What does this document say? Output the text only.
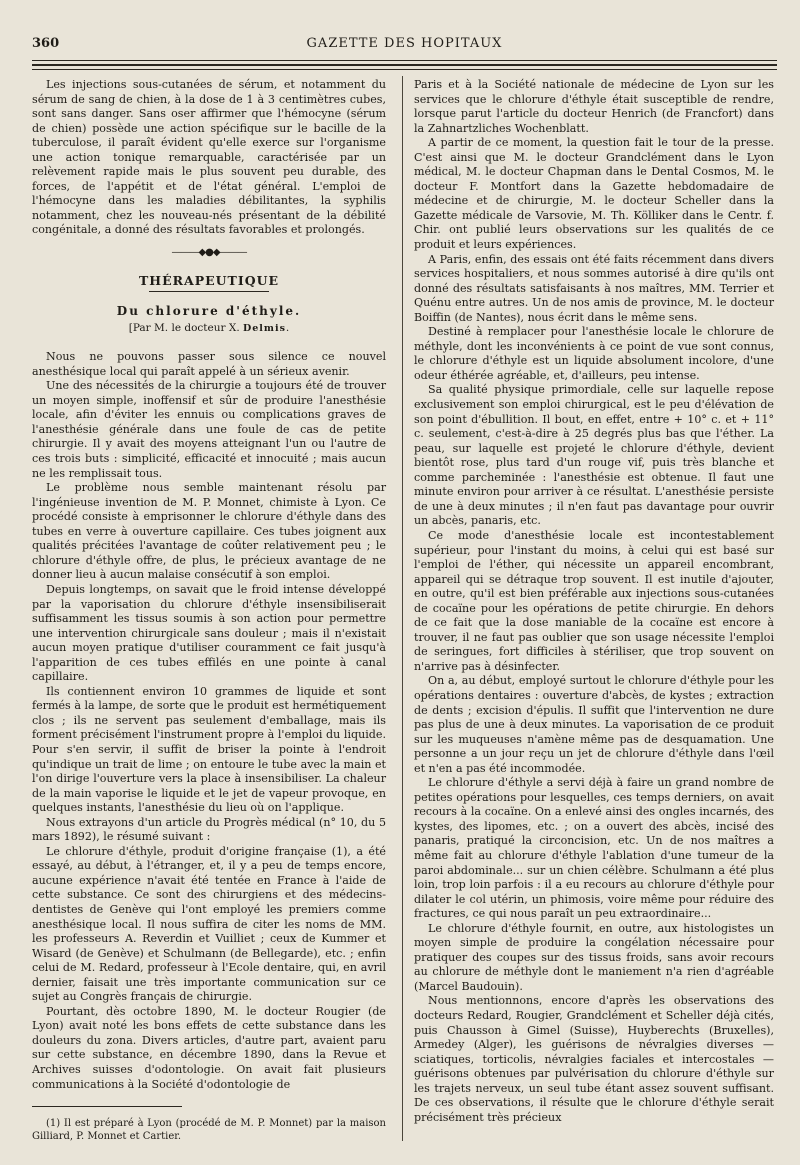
360	GAZETTE DES HOPITAUX

Les injections sous-cutanées de sérum, et notamment du sérum de sang de chien, à la dose de 1 à 3 centimètres cubes, sont sans danger. Sans oser affirmer que l'hémocyne (sérum de chien) possède une action spécifique sur le bacille de la tuberculose, il paraît évident qu'elle exerce sur l'organisme une action tonique remarquable, caractérisée par un relèvement rapide mais le plus souvent peu durable, des forces, de l'appétit et de l'état général. L'emploi de l'hémocyne dans les maladies débilitantes, la syphilis notamment, chez les nouveau-nés présentant de la débilité congénitale, a donné des résultats favorables et prolongés.

———◆●◆———
THÉRAPEUTIQUE
Du chlorure d'éthyle.
[Par M. le docteur X. Delmis.

Nous ne pouvons passer sous silence ce nouvel anesthésique local qui paraît appelé à un sérieux avenir.

Une des nécessités de la chirurgie a toujours été de trouver un moyen simple, inoffensif et sûr de produire l'anesthésie locale, afin d'éviter les ennuis ou complications graves de l'anesthésie générale dans une foule de cas de petite chirurgie. Il y avait des moyens atteignant l'un ou l'autre de ces trois buts : simplicité, efficacité et innocuité ; mais aucun ne les remplissait tous.

Le problème nous semble maintenant résolu par l'ingénieuse invention de M. P. Monnet, chimiste à Lyon. Ce procédé consiste à emprisonner le chlorure d'éthyle dans des tubes en verre à ouverture capillaire. Ces tubes joignent aux qualités précitées l'avantage de coûter relativement peu ; le chlorure d'éthyle offre, de plus, le précieux avantage de ne donner lieu à aucun malaise consécutif à son emploi.

Depuis longtemps, on savait que le froid intense développé par la vaporisation du chlorure d'éthyle insensibiliserait suffisamment les tissus soumis à son action pour permettre une intervention chirurgicale sans douleur ; mais il n'existait aucun moyen pratique d'utiliser couramment ce fait jusqu'à l'apparition de ces tubes effilés en une pointe à canal capillaire.

Ils contiennent environ 10 grammes de liquide et sont fermés à la lampe, de sorte que le produit est hermétiquement clos ; ils ne servent pas seulement d'emballage, mais ils forment précisément l'instrument propre à l'emploi du liquide. Pour s'en servir, il suffit de briser la pointe à l'endroit qu'indique un trait de lime ; on entoure le tube avec la main et l'on dirige l'ouverture vers la place à insensibiliser. La chaleur de la main vaporise le liquide et le jet de vapeur provoque, en quelques instants, l'anesthésie du lieu où on l'applique.

Nous extrayons d'un article du Progrès médical (n° 10, du 5 mars 1892), le résumé suivant :

Le chlorure d'éthyle, produit d'origine française (1), a été essayé, au début, à l'étranger, et, il y a peu de temps encore, aucune expérience n'avait été tentée en France à l'aide de cette substance. Ce sont des chirurgiens et des médecins-dentistes de Genève qui l'ont employé les premiers comme anesthésique local. Il nous suffira de citer les noms de MM. les professeurs A. Reverdin et Vuilliet ; ceux de Kummer et Wisard (de Genève) et Schulmann (de Bellegarde), etc. ; enfin celui de M. Redard, professeur à l'Ecole dentaire, qui, en avril dernier, faisait une très importante communication sur ce sujet au Congrès français de chirurgie.

Pourtant, dès octobre 1890, M. le docteur Rougier (de Lyon) avait noté les bons effets de cette substance dans les douleurs du zona. Divers articles, d'autre part, avaient paru sur cette substance, en décembre 1890, dans la Revue et Archives suisses d'odontologie. On avait fait plusieurs communications à la Société d'odontologie de

(1) Il est préparé à Lyon (procédé de M. P. Monnet) par la maison Gilliard, P. Monnet et Cartier.

Paris et à la Société nationale de médecine de Lyon sur les services que le chlorure d'éthyle était susceptible de rendre, lorsque parut l'article du docteur Henrich (de Francfort) dans la Zahnartzliches Wochenblatt.

A partir de ce moment, la question fait le tour de la presse. C'est ainsi que M. le docteur Grandclément dans le Lyon médical, M. le docteur Chapman dans le Dental Cosmos, M. le docteur F. Montfort dans la Gazette hebdomadaire de médecine et de chirurgie, M. le docteur Scheller dans la Gazette médicale de Varsovie, M. Th. Kölliker dans le Centr. f. Chir. ont publié leurs observations sur les qualités de ce produit et leurs expériences.

A Paris, enfin, des essais ont été faits récemment dans divers services hospitaliers, et nous sommes autorisé à dire qu'ils ont donné des résultats satisfaisants à nos maîtres, MM. Terrier et Quénu entre autres. Un de nos amis de province, M. le docteur Boiffin (de Nantes), nous écrit dans le même sens.

Destiné à remplacer pour l'anesthésie locale le chlorure de méthyle, dont les inconvénients à ce point de vue sont connus, le chlorure d'éthyle est un liquide absolument incolore, d'une odeur éthérée agréable, et, d'ailleurs, peu intense.

Sa qualité physique primordiale, celle sur laquelle repose exclusivement son emploi chirurgical, est le peu d'élévation de son point d'ébullition. Il bout, en effet, entre + 10° c. et + 11° c. seulement, c'est-à-dire à 25 degrés plus bas que l'éther. La peau, sur laquelle est projeté le chlorure d'éthyle, devient bientôt rose, plus tard d'un rouge vif, puis très blanche et comme parcheminée : l'anesthésie est obtenue. Il faut une minute environ pour arriver à ce résultat. L'anesthésie persiste de une à deux minutes ; il n'en faut pas davantage pour ouvrir un abcès, panaris, etc.

Ce mode d'anesthésie locale est incontestablement supérieur, pour l'instant du moins, à celui qui est basé sur l'emploi de l'éther, qui nécessite un appareil encombrant, appareil qui se détraque trop souvent. Il est inutile d'ajouter, en outre, qu'il est bien préférable aux injections sous-cutanées de cocaïne pour les opérations de petite chirurgie. En dehors de ce fait que la dose maniable de la cocaïne est encore à trouver, il ne faut pas oublier que son usage nécessite l'emploi de seringues, fort difficiles à stériliser, que trop souvent on n'arrive pas à désinfecter.

On a, au début, employé surtout le chlorure d'éthyle pour les opérations dentaires : ouverture d'abcès, de kystes ; extraction de dents ; excision d'épulis. Il suffit que l'intervention ne dure pas plus de une à deux minutes. La vaporisation de ce produit sur les muqueuses n'amène même pas de desquamation. Une personne a un jour reçu un jet de chlorure d'éthyle dans l'œil et n'en a pas été incommodée.

Le chlorure d'éthyle a servi déjà à faire un grand nombre de petites opérations pour lesquelles, ces temps derniers, on avait recours à la cocaïne. On a enlevé ainsi des ongles incarnés, des kystes, des lipomes, etc. ; on a ouvert des abcès, incisé des panaris, pratiqué la circoncision, etc. Un de nos maîtres a même fait au chlorure d'éthyle l'ablation d'une tumeur de la paroi abdominale... sur un chien célèbre. Schulmann a été plus loin, trop loin parfois : il a eu recours au chlorure d'éthyle pour dilater le col utérin, un phimosis, voire même pour réduire des fractures, ce qui nous paraît un peu extraordinaire...

Le chlorure d'éthyle fournit, en outre, aux histologistes un moyen simple de produire la congélation nécessaire pour pratiquer des coupes sur des tissus froids, sans avoir recours au chlorure de méthyle dont le maniement n'a rien d'agréable (Marcel Baudouin).

Nous mentionnons, encore d'après les observations des docteurs Redard, Rougier, Grandclément et Scheller déjà cités, puis Chausson à Gimel (Suisse), Huyberechts (Bruxelles), Armedey (Alger), les guérisons de névralgies diverses — sciatiques, torticolis, névralgies faciales et intercostales — guérisons obtenues par pulvérisation du chlorure d'éthyle sur les trajets nerveux, un seul tube étant assez souvent suffisant. De ces observations, il résulte que le chlorure d'éthyle serait précisément très précieux
